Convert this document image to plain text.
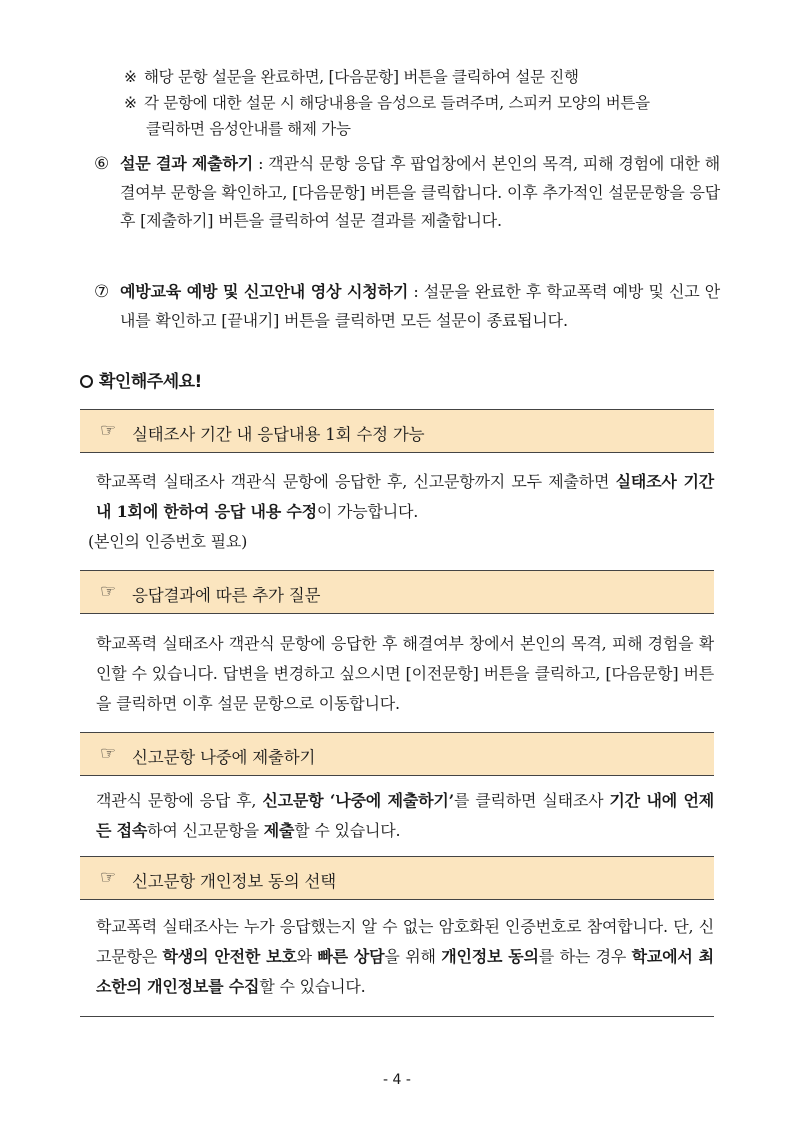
※ 해당 문항 설문을 완료하면, [다음문항] 버튼을 클릭하여 설문 진행
※ 각 문항에 대한 설문 시 해당내용을 음성으로 들려주며, 스피커 모양의 버튼을
클릭하면 음성안내를 해제 가능
⑥ 설문 결과 제출하기 : 객관식 문항 응답 후 팝업창에서 본인의 목격, 피해 경험에 대한 해결여부 문항을 확인하고, [다음문항] 버튼을 클릭합니다. 이후 추가적인 설문문항을 응답 후 [제출하기] 버튼을 클릭하여 설문 결과를 제출합니다.
⑦ 예방교육 예방 및 신고안내 영상 시청하기 : 설문을 완료한 후 학교폭력 예방 및 신고 안내를 확인하고 [끝내기] 버튼을 클릭하면 모든 설문이 종료됩니다.
확인해주세요!
☞ 실태조사 기간 내 응답내용 1회 수정 가능
학교폭력 실태조사 객관식 문항에 응답한 후, 신고문항까지 모두 제출하면 실태조사 기간 내 1회에 한하여 응답 내용 수정이 가능합니다.
(본인의 인증번호 필요)
☞ 응답결과에 따른 추가 질문
학교폭력 실태조사 객관식 문항에 응답한 후 해결여부 창에서 본인의 목격, 피해 경험을 확인할 수 있습니다. 답변을 변경하고 싶으시면 [이전문항] 버튼을 클릭하고, [다음문항] 버튼을 클릭하면 이후 설문 문항으로 이동합니다.
☞ 신고문항 나중에 제출하기
객관식 문항에 응답 후, 신고문항 ‘나중에 제출하기’를 클릭하면 실태조사 기간 내에 언제든 접속하여 신고문항을 제출할 수 있습니다.
☞ 신고문항 개인정보 동의 선택
학교폭력 실태조사는 누가 응답했는지 알 수 없는 암호화된 인증번호로 참여합니다. 단, 신고문항은 학생의 안전한 보호와 빠른 상담을 위해 개인정보 동의를 하는 경우 학교에서 최소한의 개인정보를 수집할 수 있습니다.
- 4 -
